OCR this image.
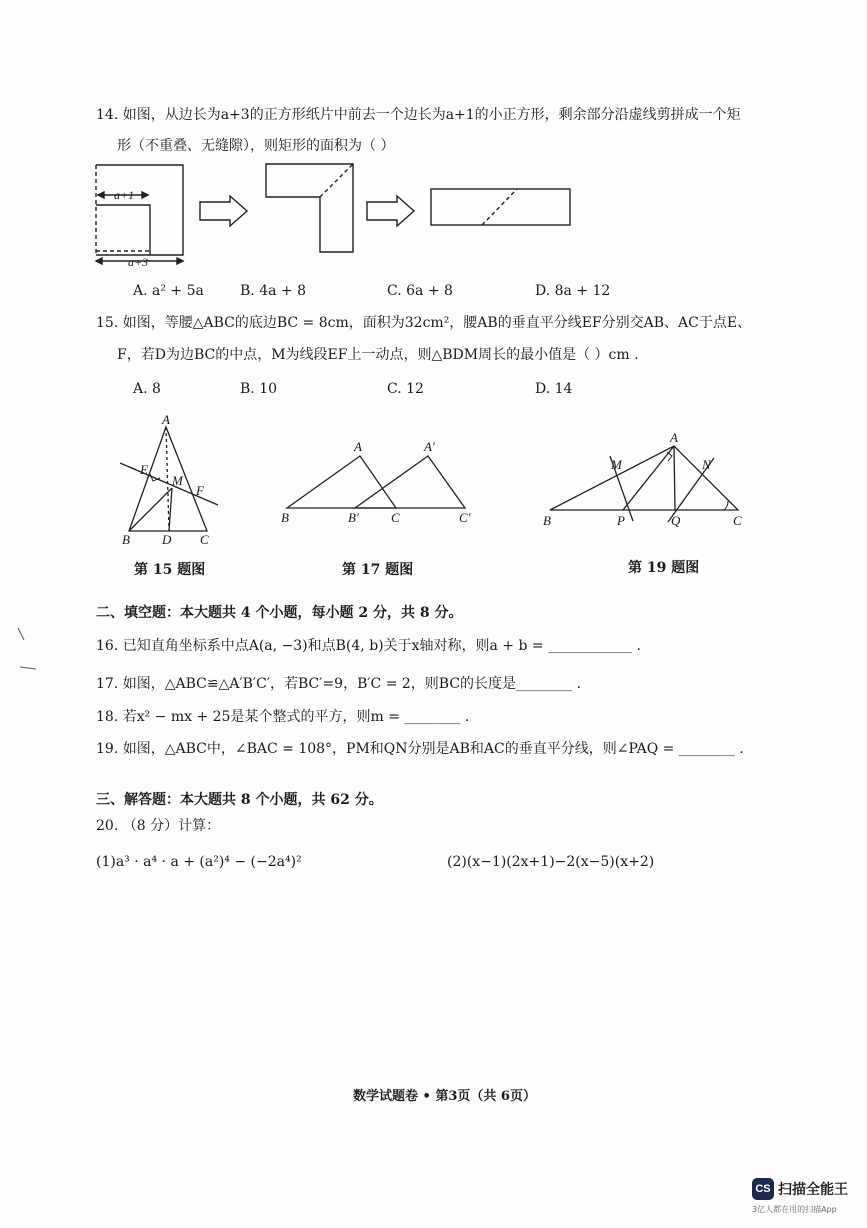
14. 如图，从边长为a+3的正方形纸片中前去一个边长为a+1的小正方形，剩余部分沿虚线剪拼成一个矩
形（不重叠、无缝隙），则矩形的面积为（ ）
a+1
a+3
A. a² + 5a	B. 4a + 8	C. 6a + 8	D. 8a + 12
15. 如图，等腰△ABC的底边BC = 8cm，面积为32cm²，腰AB的垂直平分线EF分别交AB、AC于点E、
F，若D为边BC的中点，M为线段EF上一动点，则△BDM周长的最小值是（ ）cm .
A. 8	B. 10	C. 12	D. 14
A
E
M
F
B D C
第 15 题图
A	A′
B	B′ C	C′
第 17 题图
A
M	N
B	P	Q	C
第 19 题图
二、填空题：本大题共 4 个小题，每小题 2 分，共 8 分。
16. 已知直角坐标系中点A(a, −3)和点B(4, b)关于x轴对称，则a + b = ____________ .
17. 如图，△ABC≌△A′B′C′，若BC′=9，B′C = 2，则BC的长度是________ .
18. 若x² − mx + 25是某个整式的平方，则m = ________ .
19. 如图，△ABC中，∠BAC = 108°，PM和QN分别是AB和AC的垂直平分线，则∠PAQ = ________ .
三、解答题：本大题共 8 个小题，共 62 分。
20. （8 分）计算：
(1)a³ · a⁴ · a + (a²)⁴ − (−2a⁴)²	(2)(x−1)(2x+1)−2(x−5)(x+2)
数学试题卷 • 第3页（共 6页）
CS 扫描全能王
3亿人都在用的扫描App
